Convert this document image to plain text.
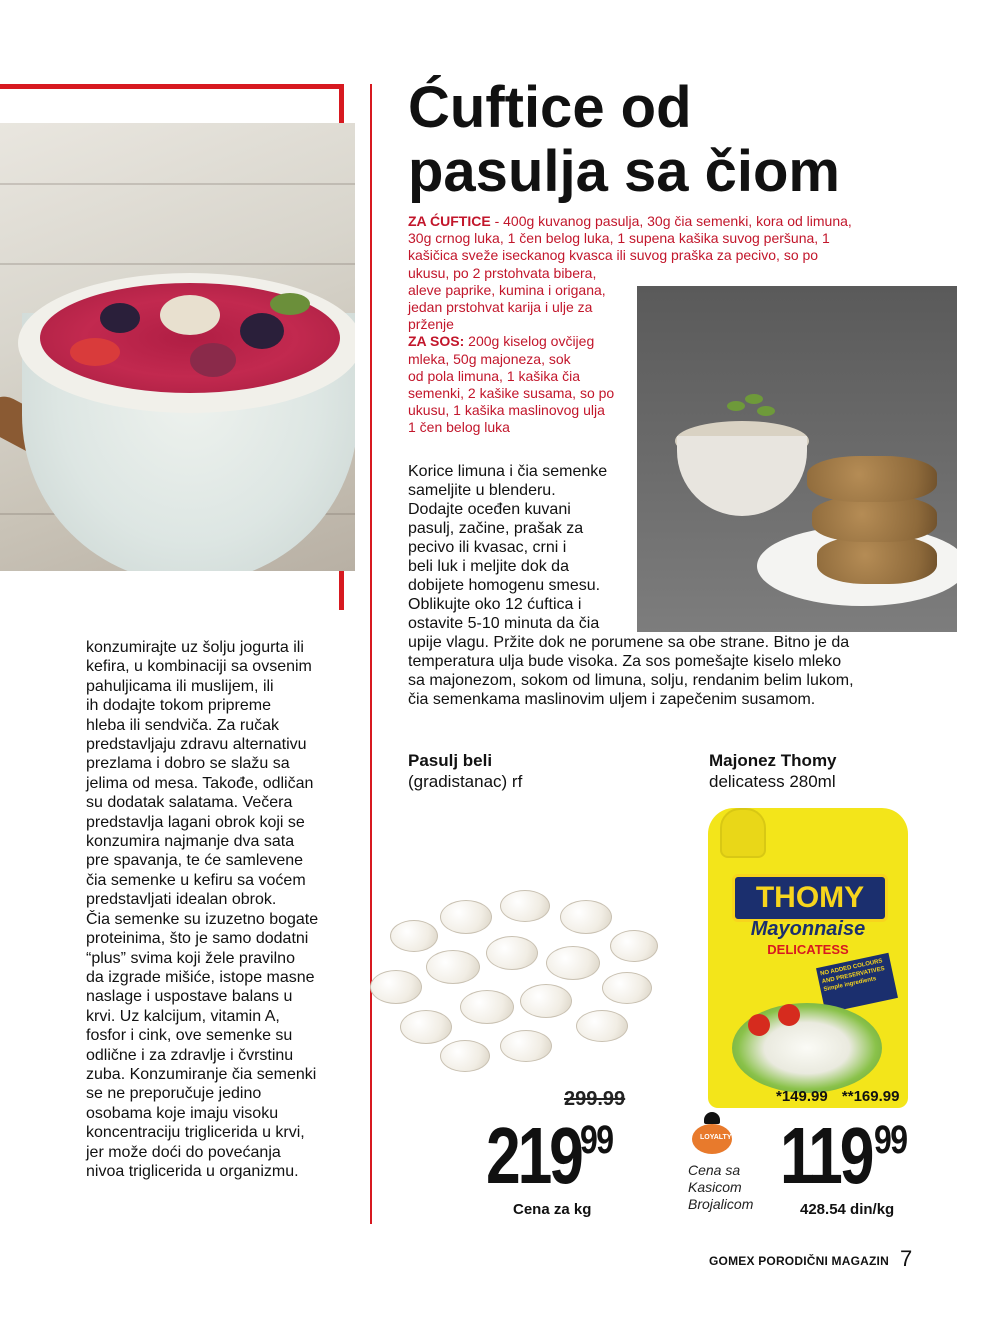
Ćuftice od
pasulja sa čiom
ZA ĆUFTICE - 400g kuvanog pasulja, 30g čia semenki, kora od limuna,
30g crnog luka, 1 čen belog luka, 1 supena kašika suvog peršuna, 1
kašičica sveže iseckanog kvasca ili suvog praška za pecivo, so po
ukusu, po 2 prstohvata bibera,
aleve paprike, kumina i origana,
jedan prstohvat karija i ulje za
prženje
ZA SOS: 200g kiselog ovčijeg
mleka, 50g majoneza, sok
od pola limuna, 1 kašika čia
semenki, 2 kašike susama, so po
ukusu, 1 kašika maslinovog ulja
1 čen belog luka
Korice limuna i čia semenke
sameljite u blenderu.
Dodajte oceđen kuvani
pasulj, začine, prašak za
pecivo ili kvasac, crni i
beli luk i meljite dok da
dobijete homogenu smesu.
Oblikujte oko 12 ćuftica i
ostavite 5-10 minuta da čia
upije vlagu. Pržite dok ne porumene sa obe strane. Bitno je da
temperatura ulja bude visoka. Za sos pomešajte kiselo mleko
sa majonezom, sokom od limuna, solju, rendanim belim lukom,
čia semenkama maslinovim uljem i zapečenim susamom.
konzumirajte uz šolju jogurta ili
kefira, u kombinaciji sa ovsenim
pahuljicama ili muslijem, ili
ih dodajte tokom pripreme
hleba ili sendviča. Za ručak
predstavljaju zdravu alternativu
prezlama i dobro se slažu sa
jelima od mesa. Takođe, odličan
su dodatak salatama. Večera
predstavlja lagani obrok koji se
konzumira najmanje dva sata
pre spavanja, te će samlevene
čia semenke u kefiru sa voćem
predstavljati idealan obrok.
Čia semenke su izuzetno bogate
proteinima, što je samo dodatni
“plus” svima koji žele pravilno
da izgrade mišiće, istope masne
naslage i uspostave balans u
krvi. Uz kalcijum, vitamin A,
fosfor i cink, ove semenke su
odlične i za zdravlje i čvrstinu
zuba. Konzumiranje čia semenki
se ne preporučuje jedino
osobama koje imaju visoku
koncentraciju triglicerida u krvi,
jer može doći do povećanja
nivoa triglicerida u organizmu.
Pasulj beli
(gradistanac) rf
299.99
219 99
Cena za kg
Majonez Thomy
delicatess 280ml
THOMY
Mayonnaise
DELICATESS
NO ADDED COLOURS AND PRESERVATIVES Simple ingredients
*149.99 **169.99
LOYALTY
Cena sa
Kasicom
Brojalicom
119 99
428.54 din/kg
GOMEX PORODIČNI MAGAZIN 7
